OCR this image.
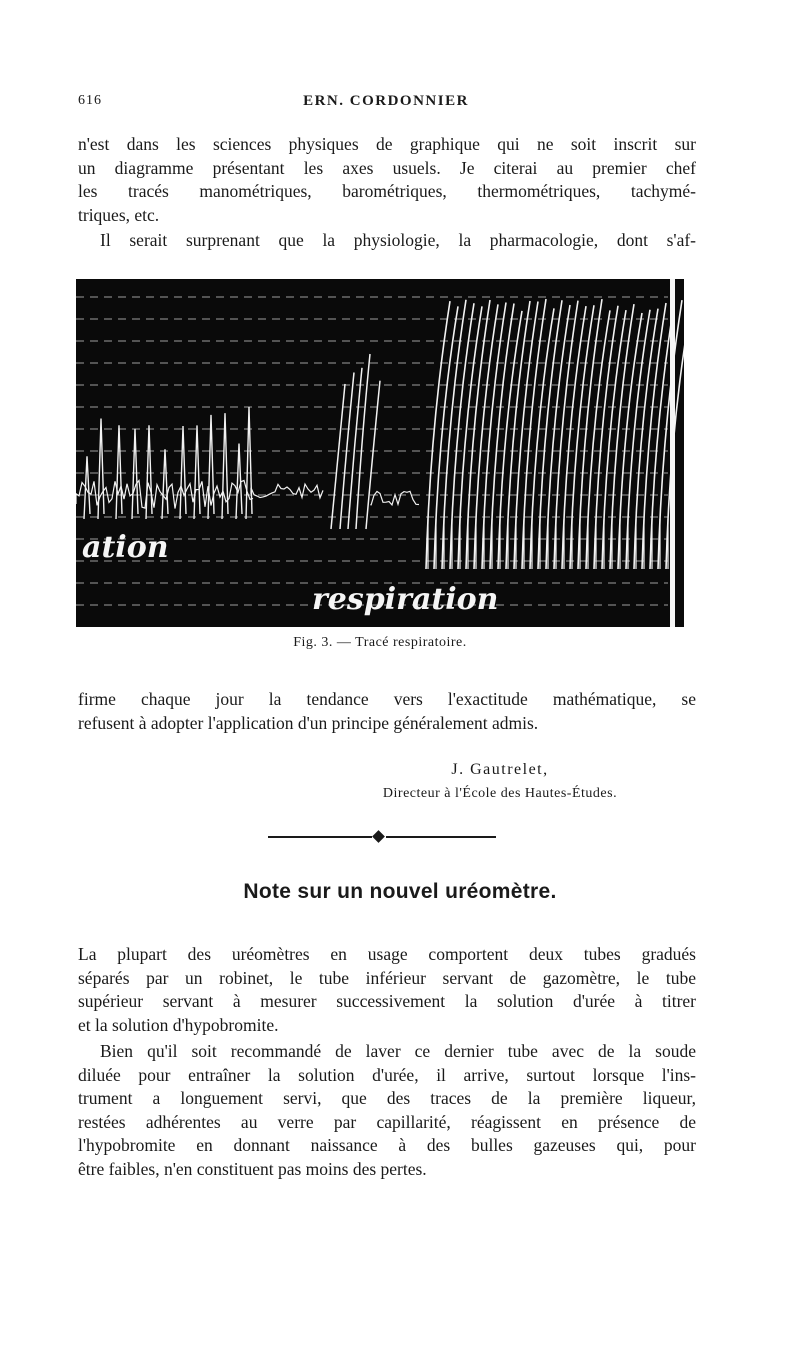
616	ERN. CORDONNIER
n'est dans les sciences physiques de graphique qui ne soit inscrit sur
un diagramme présentant les axes usuels. Je citerai au premier chef
les tracés manométriques, barométriques, thermométriques, tachymé-
triques, etc.
Il serait surprenant que la physiologie, la pharmacologie, dont s'af-
ation
respiration
Fig. 3. — Tracé respiratoire.
firme chaque jour la tendance vers l'exactitude mathématique, se
refusent à adopter l'application d'un principe généralement admis.
J. Gautrelet,
Directeur à l'École des Hautes-Études.
Note sur un nouvel uréomètre.
La plupart des uréomètres en usage comportent deux tubes gradués
séparés par un robinet, le tube inférieur servant de gazomètre, le tube
supérieur servant à mesurer successivement la solution d'urée à titrer
et la solution d'hypobromite.
Bien qu'il soit recommandé de laver ce dernier tube avec de la soude
diluée pour entraîner la solution d'urée, il arrive, surtout lorsque l'ins-
trument a longuement servi, que des traces de la première liqueur,
restées adhérentes au verre par capillarité, réagissent en présence de
l'hypobromite en donnant naissance à des bulles gazeuses qui, pour
être faibles, n'en constituent pas moins des pertes.
